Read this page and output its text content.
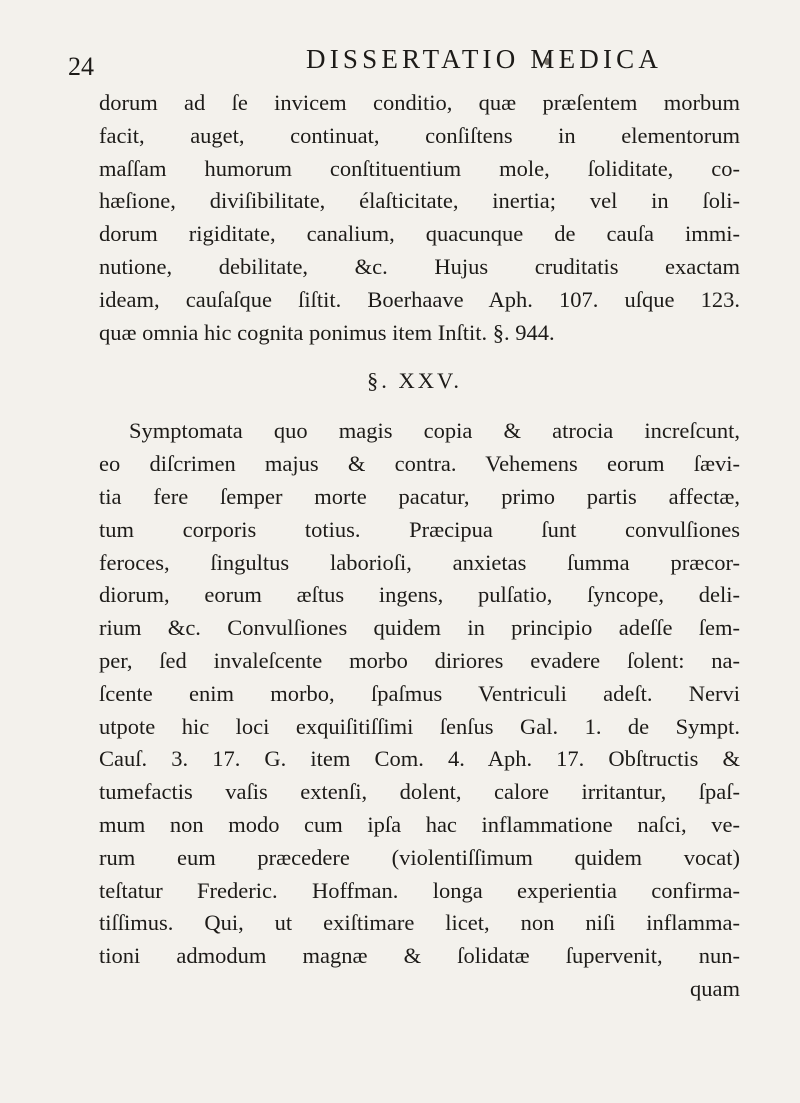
24	DISSERTATIO MEDICA
dorum ad ſe invicem conditio, quæ præſentem morbum
facit, auget, continuat, conſiſtens in elementorum
maſſam humorum conſtituentium mole, ſoliditate, co-
hæſione, diviſibilitate, élaſticitate, inertia; vel in ſoli-
dorum rigiditate, canalium, quacunque de cauſa immi-
nutione, debilitate, &c. Hujus cruditatis exactam
ideam, cauſaſque ſiſtit. Boerhaave Aph. 107. uſque 123.
quæ omnia hic cognita ponimus item Inſtit. §. 944.
§. XXV.
Symptomata quo magis copia & atrocia increſcunt,
eo diſcrimen majus & contra. Vehemens eorum ſævi-
tia fere ſemper morte pacatur, primo partis affectæ,
tum corporis totius. Præcipua ſunt convulſiones
feroces, ſingultus laborioſi, anxietas ſumma præcor-
diorum, eorum æſtus ingens, pulſatio, ſyncope, deli-
rium &c. Convulſiones quidem in principio adeſſe ſem-
per, ſed invaleſcente morbo diriores evadere ſolent: na-
ſcente enim morbo, ſpaſmus Ventriculi adeſt. Nervi
utpote hic loci exquiſitiſſimi ſenſus Gal. 1. de Sympt.
Cauſ. 3. 17. G. item Com. 4. Aph. 17. Obſtructis &
tumefactis vaſis extenſi, dolent, calore irritantur, ſpaſ-
mum non modo cum ipſa hac inflammatione naſci, ve-
rum eum præcedere (violentiſſimum quidem vocat)
teſtatur Frederic. Hoffman. longa experientia confirma-
tiſſimus. Qui, ut exiſtimare licet, non niſi inflamma-
tioni admodum magnæ & ſolidatæ ſupervenit, nun-
quam
